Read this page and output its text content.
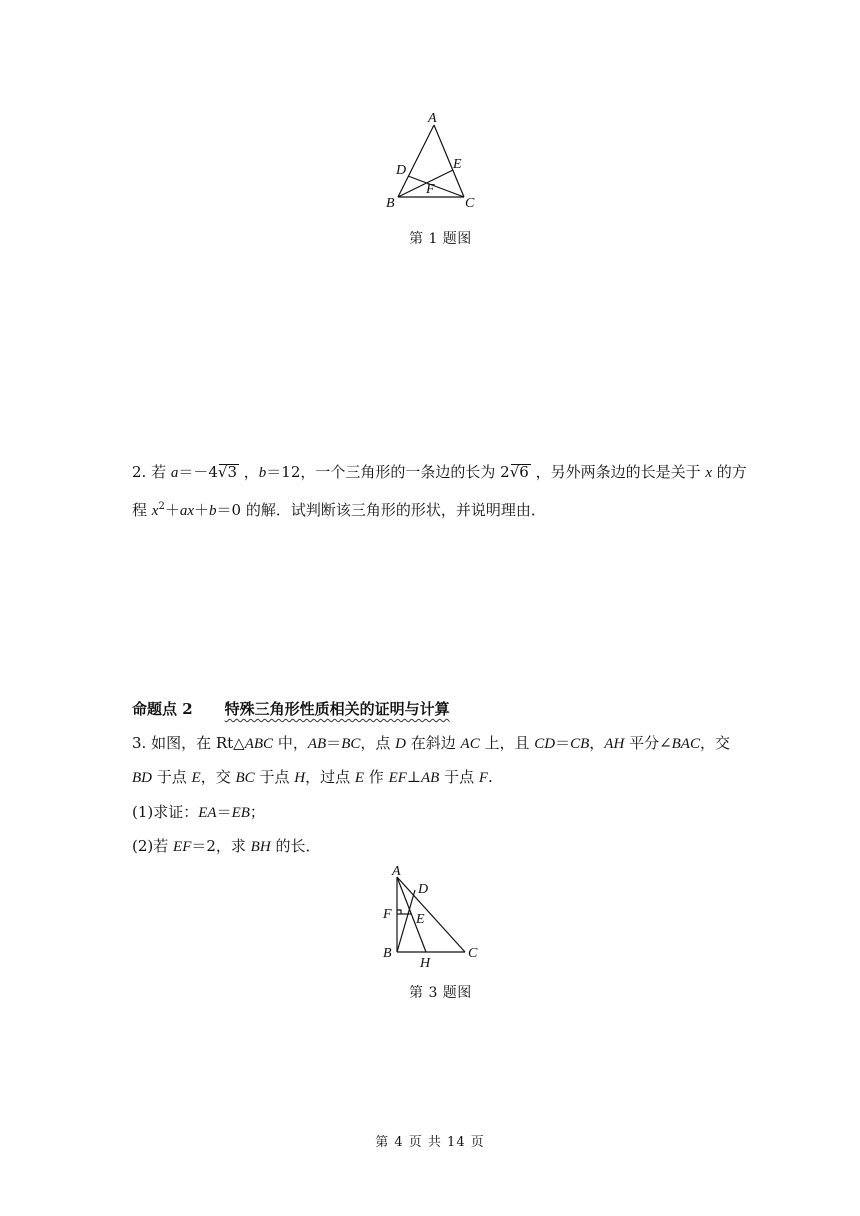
A
B	C
D	E
F
第 1 题图
2. 若 a＝－4 √ 3 ，b＝12，一个三角形的一条边的长为 2 √ 6 ，另外两条边的长是关于 x 的方
程 $x^2+ax+b=0$ 的解．试判断该三角形的形状，并说明理由．
命题点 2 特殊三角形性质相关的证明与计算
3. 如图，在 Rt△ABC 中，AB＝BC，点 D 在斜边 AC 上，且 CD＝CB，AH 平分∠BAC，交
BD 于点 E，交 BC 于点 H，过点 E 作 EF⊥AB 于点 F.
(1)求证：EA＝EB；
(2)若 EF＝2，求 BH 的长．
A
B	C
D
E
F
H
第 3 题图
第 4 页 共 14 页
